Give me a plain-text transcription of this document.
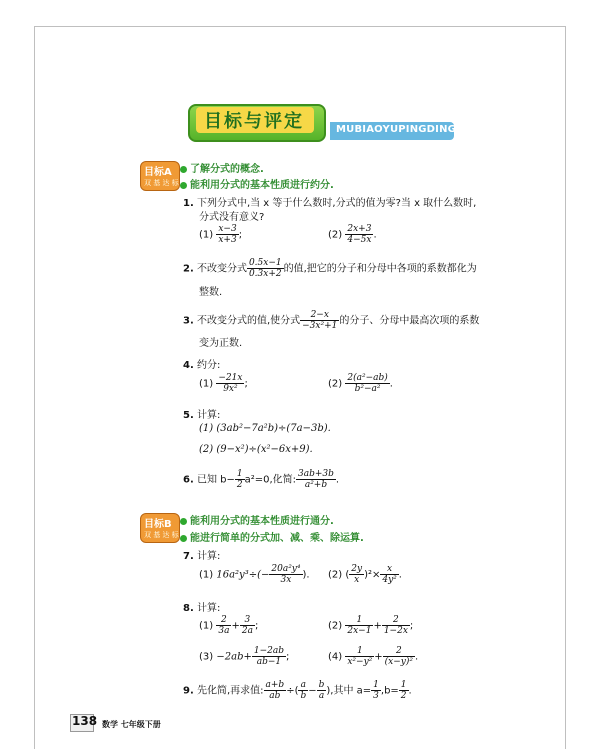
目标与评定	MUBIAOYUPINGDING
目标A
双 基 达 标
了解分式的概念.
能利用分式的基本性质进行约分.
1. 下列分式中,当 x 等于什么数时,分式的值为零?当 x 取什么数时,
分式没有意义?
$(1) \frac{x-3}{x+3}$ ;	$(2) \frac{2x+3}{4-5x}$ .
2. 不改变分式 $\frac{0.5x-1}{0.3x+2}$ 的值,把它的分子和分母中各项的系数都化为
整数.
3. 不改变分式的值,使分式 $\frac{2-x}{\text{−3x²+1}}$ 的分子、分母中最高次项的系数
变为正数.
4. 约分:
$(1) \frac{-21x}{\text{9x²}}$ ;	$(2) \frac{\text{2(a²−ab)}}{\text{b²−a²}}$ .
5. 计算:
(1) (3ab²−7a²b)÷(7a−3b).
(2) (9−x²)÷(x²−6x+9).
6. 已知 $b- \frac{1}{2} a^2=0$,化简: $\frac{3ab+3b}{\text{a²+b}}$ .
目标B
双 基 达 标
能利用分式的基本性质进行通分.
能进行简单的分式加、减、乘、除运算.
7. 计算:
(1) $16a^2y^3\div(- \frac{\text{20a²y⁴}}{3x}$ ). (2) ( $\frac{2y}{x} )^2\times \frac{x}{\text{4y²}}$ .
8. 计算:
$(1) \frac{2}{3a} + \frac{3}{2a}$ ;	$(2) \frac{1}{2x-1} + \frac{2}{1-2x}$ ;
$(3) -2ab+ \frac{1-2ab}{ab-1}$ ;	$(4) \frac{1}{\text{x²−y²}} + \frac{2}{\text{(x−y)²}}$ .
9. 先化简,再求值: $\frac{a+b}{ab}$ ÷( $\frac{a}{b} - \frac{b}{a}$ ),其中 $a= \frac{1}{3} ,b= \frac{1}{2}$ .
138 数学 七年级下册
